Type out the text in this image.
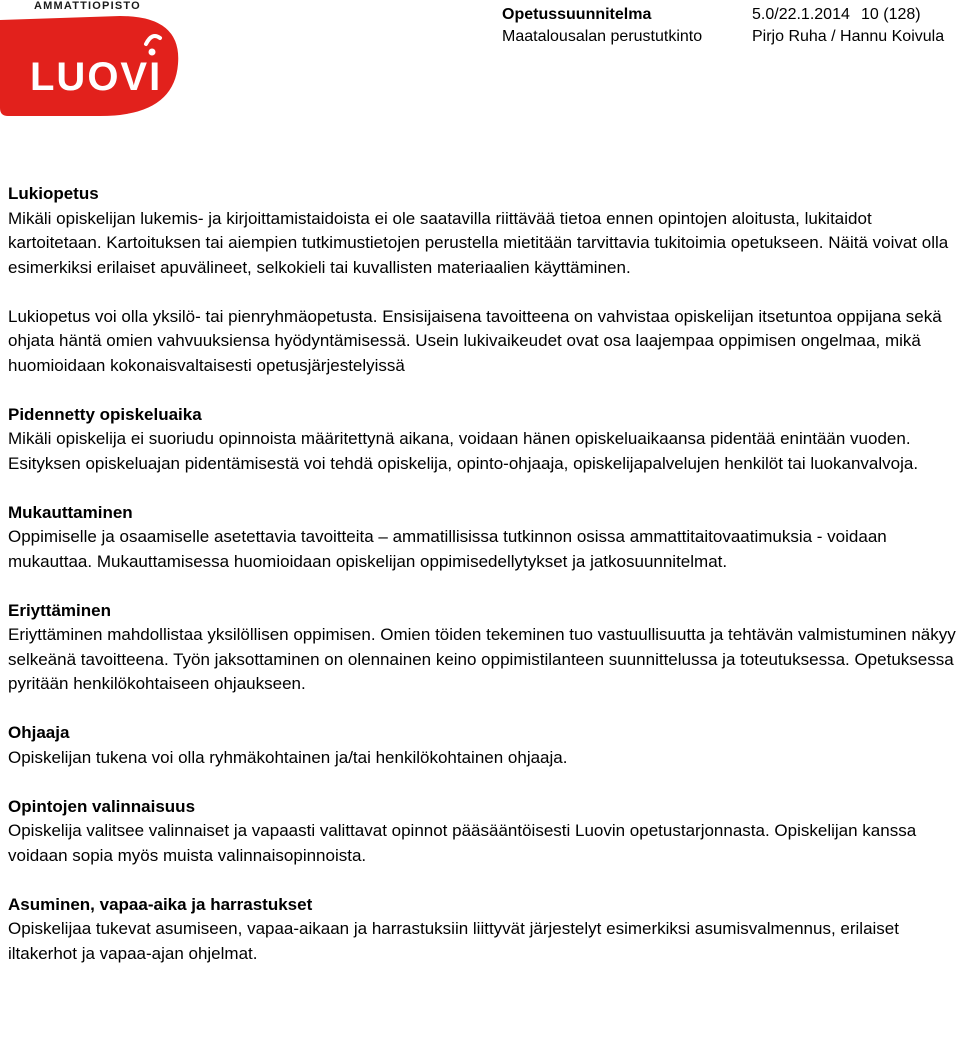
AMMATTIOPISTO
LUOVI
Opetussuunnitelma
Maatalousalan perustutkinto
5.0/22.1.2014 10 (128)
Pirjo Ruha / Hannu Koivula
Lukiopetus

Mikäli opiskelijan lukemis- ja kirjoittamistaidoista ei ole saatavilla riittävää tietoa ennen opintojen aloitusta, lukitaidot kartoitetaan. Kartoituksen tai aiempien tutkimustietojen perustella mietitään tarvittavia tukitoimia opetukseen. Näitä voivat olla esimerkiksi erilaiset apuvälineet, selkokieli tai kuvallisten materiaalien käyttäminen.

Lukiopetus voi olla yksilö- tai pienryhmäopetusta. Ensisijaisena tavoitteena on vahvistaa opiskelijan itsetuntoa oppijana sekä ohjata häntä omien vahvuuksiensa hyödyntämisessä. Usein lukivaikeudet ovat osa laajempaa oppimisen ongelmaa, mikä huomioidaan kokonaisvaltaisesti opetusjärjestelyissä

Pidennetty opiskeluaika

Mikäli opiskelija ei suoriudu opinnoista määritettynä aikana, voidaan hänen opiskeluaikaansa pidentää enintään vuoden. Esityksen opiskeluajan pidentämisestä voi tehdä opiskelija, opinto-ohjaaja, opiskelijapalvelujen henkilöt tai luokanvalvoja.

Mukauttaminen

Oppimiselle ja osaamiselle asetettavia tavoitteita – ammatillisissa tutkinnon osissa ammattitaitovaatimuksia - voidaan mukauttaa. Mukauttamisessa huomioidaan opiskelijan oppimisedellytykset ja jatkosuunnitelmat.

Eriyttäminen

Eriyttäminen mahdollistaa yksilöllisen oppimisen. Omien töiden tekeminen tuo vastuullisuutta ja tehtävän valmistuminen näkyy selkeänä tavoitteena. Työn jaksottaminen on olennainen keino oppimistilanteen suunnittelussa ja toteutuksessa. Opetuksessa pyritään henkilökohtaiseen ohjaukseen.

Ohjaaja

Opiskelijan tukena voi olla ryhmäkohtainen ja/tai henkilökohtainen ohjaaja.

Opintojen valinnaisuus

Opiskelija valitsee valinnaiset ja vapaasti valittavat opinnot pääsääntöisesti Luovin opetustarjonnasta. Opiskelijan kanssa voidaan sopia myös muista valinnaisopinnoista.

Asuminen, vapaa-aika ja harrastukset

Opiskelijaa tukevat asumiseen, vapaa-aikaan ja harrastuksiin liittyvät järjestelyt esimerkiksi asumisvalmennus, erilaiset iltakerhot ja vapaa-ajan ohjelmat.
